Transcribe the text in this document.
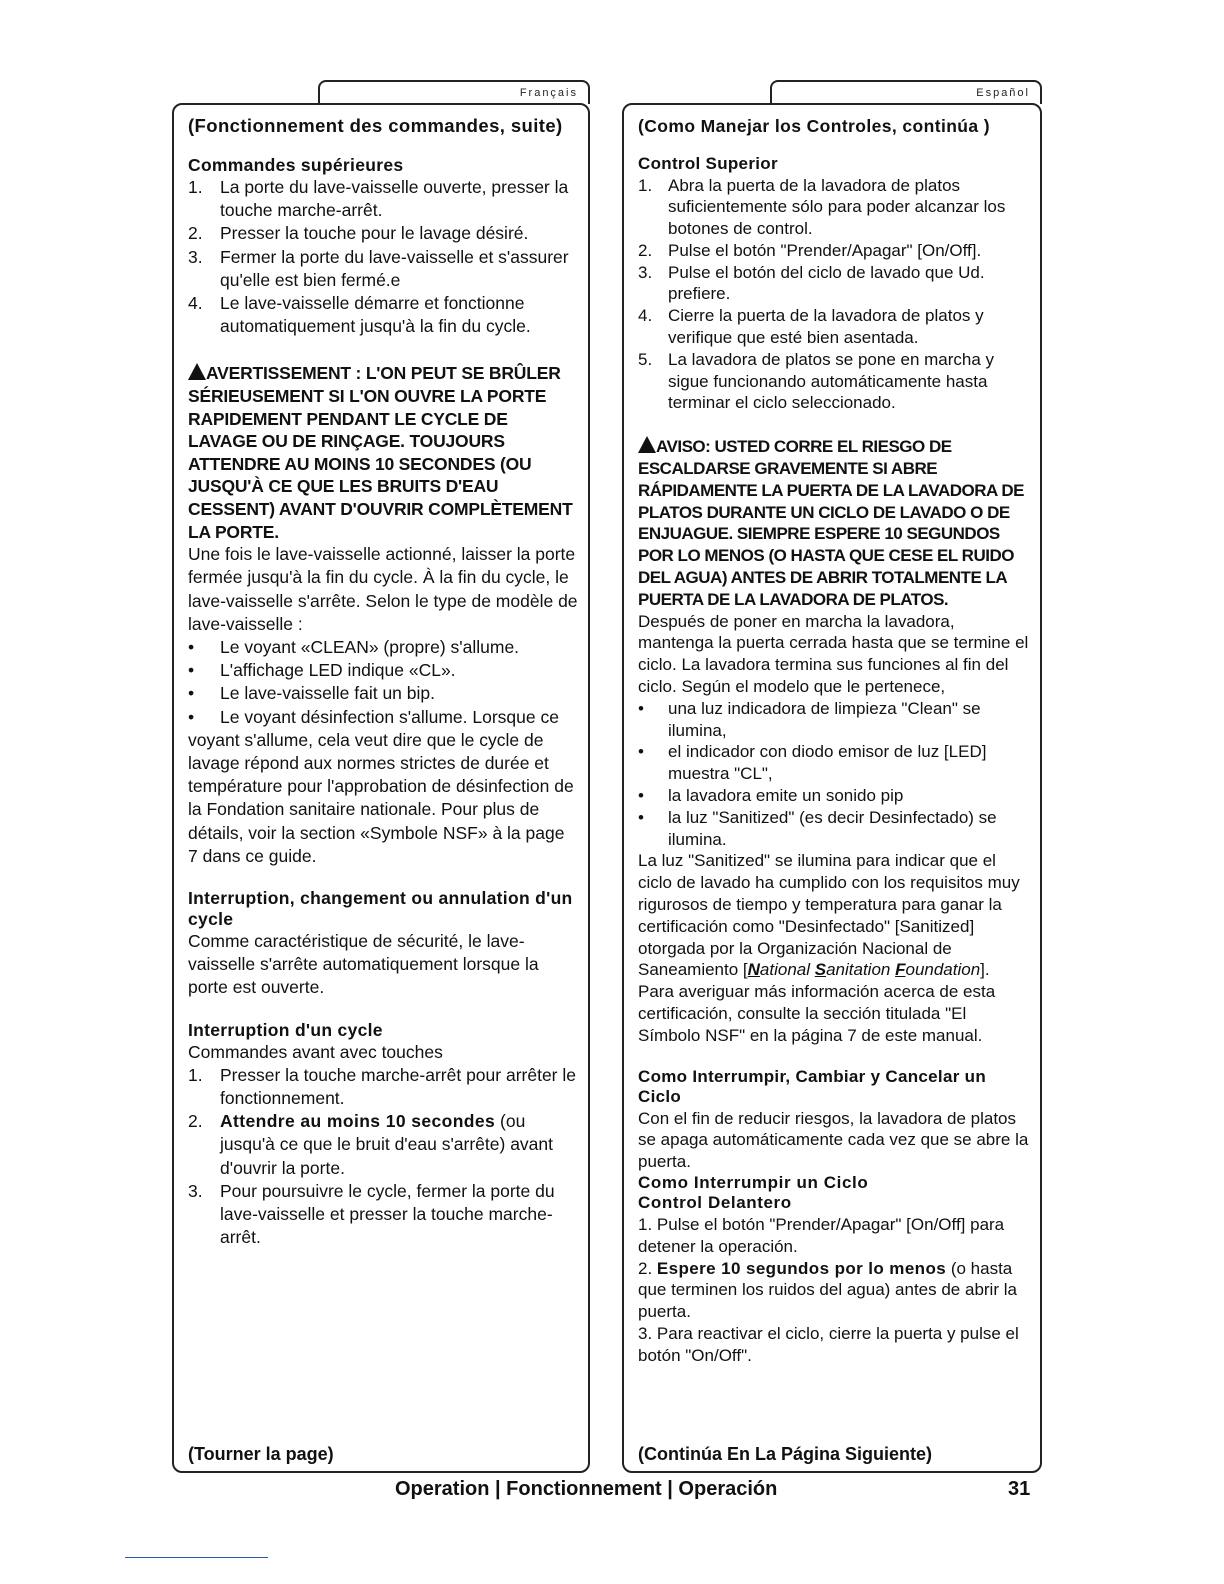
Français	Español
(Fonctionnement des commandes, suite)
Commandes supérieures
1. La porte du lave-vaisselle ouverte, presser la touche marche-arrêt.
2. Presser la touche pour le lavage désiré.
3. Fermer la porte du lave-vaisselle et s'assurer qu'elle est bien fermé.e
4. Le lave-vaisselle démarre et fonctionne automatiquement jusqu'à la fin du cycle.
AVERTISSEMENT : L'ON PEUT SE BRÛLER SÉRIEUSEMENT SI L'ON OUVRE LA PORTE RAPIDEMENT PENDANT LE CYCLE DE LAVAGE OU DE RINÇAGE. TOUJOURS ATTENDRE AU MOINS 10 SECONDES (OU JUSQU'À CE QUE LES BRUITS D'EAU CESSENT) AVANT D'OUVRIR COMPLÈTEMENT LA PORTE.

Une fois le lave-vaisselle actionné, laisser la porte fermée jusqu'à la fin du cycle. À la fin du cycle, le lave-vaisselle s'arrête. Selon le type de modèle de lave-vaisselle :

• Le voyant «CLEAN» (propre) s'allume.
• L'affichage LED indique «CL».
• Le lave-vaisselle fait un bip.
• Le voyant désinfection s'allume. Lorsque ce voyant s'allume, cela veut dire que le cycle de lavage répond aux normes strictes de durée et température pour l'approbation de désinfection de la Fondation sanitaire nationale. Pour plus de détails, voir la section «Symbole NSF» à la page 7 dans ce guide.
Interruption, changement ou annulation d'un cycle

Comme caractéristique de sécurité, le lave-vaisselle s'arrête automatiquement lorsque la porte est ouverte.

Interruption d'un cycle

Commandes avant avec touches

1. Presser la touche marche-arrêt pour arrêter le fonctionnement.
2. Attendre au moins 10 secondes (ou jusqu'à ce que le bruit d'eau s'arrête) avant d'ouvrir la porte.
3. Pour poursuivre le cycle, fermer la porte du lave-vaisselle et presser la touche marche-arrêt.
(Tourner la page)
(Como Manejar los Controles, continúa )
Control Superior
1. Abra la puerta de la lavadora de platos suficientemente sólo para poder alcanzar los botones de control.
2. Pulse el botón "Prender/Apagar" [On/Off].
3. Pulse el botón del ciclo de lavado que Ud. prefiere.
4. Cierre la puerta de la lavadora de platos y verifique que esté bien asentada.
5. La lavadora de platos se pone en marcha y sigue funcionando automáticamente hasta terminar el ciclo seleccionado.
AVISO: USTED CORRE EL RIESGO DE ESCALDARSE GRAVEMENTE SI ABRE RÁPIDAMENTE LA PUERTA DE LA LAVADORA DE PLATOS DURANTE UN CICLO DE LAVADO O DE ENJUAGUE. SIEMPRE ESPERE 10 SEGUNDOS POR LO MENOS (O HASTA QUE CESE EL RUIDO DEL AGUA) ANTES DE ABRIR TOTALMENTE LA PUERTA DE LA LAVADORA DE PLATOS.

Después de poner en marcha la lavadora, mantenga la puerta cerrada hasta que se termine el ciclo. La lavadora termina sus funciones al fin del ciclo. Según el modelo que le pertenece,

• una luz indicadora de limpieza "Clean" se ilumina,
• el indicador con diodo emisor de luz [LED] muestra "CL",
• la lavadora emite un sonido pip
• la luz "Sanitized" (es decir Desinfectado) se ilumina.

La luz "Sanitized" se ilumina para indicar que el ciclo de lavado ha cumplido con los requisitos muy rigurosos de tiempo y temperatura para ganar la certificación como "Desinfectado" [Sanitized] otorgada por la Organización Nacional de Saneamiento [National Sanitation Foundation]. Para averiguar más información acerca de esta certificación, consulte la sección titulada "El Símbolo NSF" en la página 7 de este manual.

Como Interrumpir, Cambiar y Cancelar un Ciclo

Con el fin de reducir riesgos, la lavadora de platos se apaga automáticamente cada vez que se abre la puerta.

Como Interrumpir un Ciclo
Control Delantero

1. Pulse el botón "Prender/Apagar" [On/Off] para detener la operación.

2. Espere 10 segundos por lo menos (o hasta que terminen los ruidos del agua) antes de abrir la puerta.

3. Para reactivar el ciclo, cierre la puerta y pulse el botón "On/Off".

(Continúa En La Página Siguiente)
Operation | Fonctionnement | Operación	31
